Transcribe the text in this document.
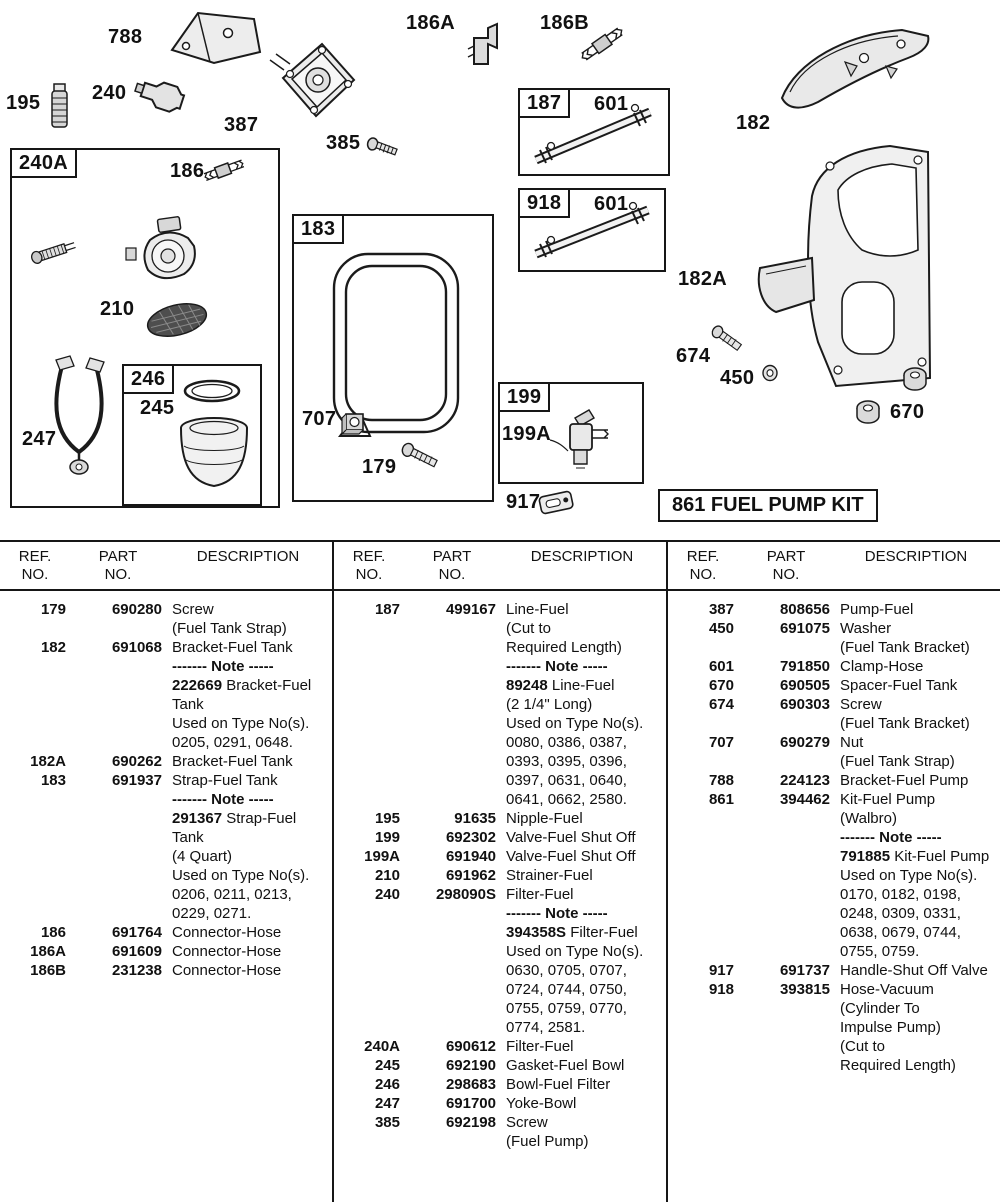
788
186A	186B
195	240
387
385
240A	186
182
187	601
918	601
183
182A
210
246
245
247
707
179
674
450
670
199
199A
917	861 FUEL PUMP KIT
REF.
NO.
PART
NO.
DESCRIPTION
179	690280 Screw
(Fuel Tank Strap)
182	691068 Bracket-Fuel Tank
------- Note -----
222669 Bracket-Fuel
Tank
Used on Type No(s).
0205, 0291, 0648.
182A	690262 Bracket-Fuel Tank
183	691937 Strap-Fuel Tank
------- Note -----
291367 Strap-Fuel
Tank
(4 Quart)
Used on Type No(s).
0206, 0211, 0213,
0229, 0271.
186	691764 Connector-Hose
186A	691609 Connector-Hose
186B	231238 Connector-Hose
REF.
NO.
PART
NO.
DESCRIPTION
187	499167 Line-Fuel
(Cut to
Required Length)
------- Note -----
89248 Line-Fuel
(2 1/4" Long)
Used on Type No(s).
0080, 0386, 0387,
0393, 0395, 0396,
0397, 0631, 0640,
0641, 0662, 2580.
195	91635 Nipple-Fuel
199	692302 Valve-Fuel Shut Off
199A	691940 Valve-Fuel Shut Off
210	691962 Strainer-Fuel
240	298090S Filter-Fuel
------- Note -----
394358S Filter-Fuel
Used on Type No(s).
0630, 0705, 0707,
0724, 0744, 0750,
0755, 0759, 0770,
0774, 2581.
240A	690612 Filter-Fuel
245	692190 Gasket-Fuel Bowl
246	298683 Bowl-Fuel Filter
247	691700 Yoke-Bowl
385	692198 Screw
(Fuel Pump)
REF.
NO.
PART
NO.
DESCRIPTION
387	808656 Pump-Fuel
450	691075 Washer
(Fuel Tank Bracket)
601	791850 Clamp-Hose
670	690505 Spacer-Fuel Tank
674	690303 Screw
(Fuel Tank Bracket)
707	690279 Nut
(Fuel Tank Strap)
788	224123 Bracket-Fuel Pump
861	394462 Kit-Fuel Pump
(Walbro)
------- Note -----
791885 Kit-Fuel Pump
Used on Type No(s).
0170, 0182, 0198,
0248, 0309, 0331,
0638, 0679, 0744,
0755, 0759.
917	691737 Handle-Shut Off Valve
918	393815 Hose-Vacuum
(Cylinder To
Impulse Pump)
(Cut to
Required Length)
